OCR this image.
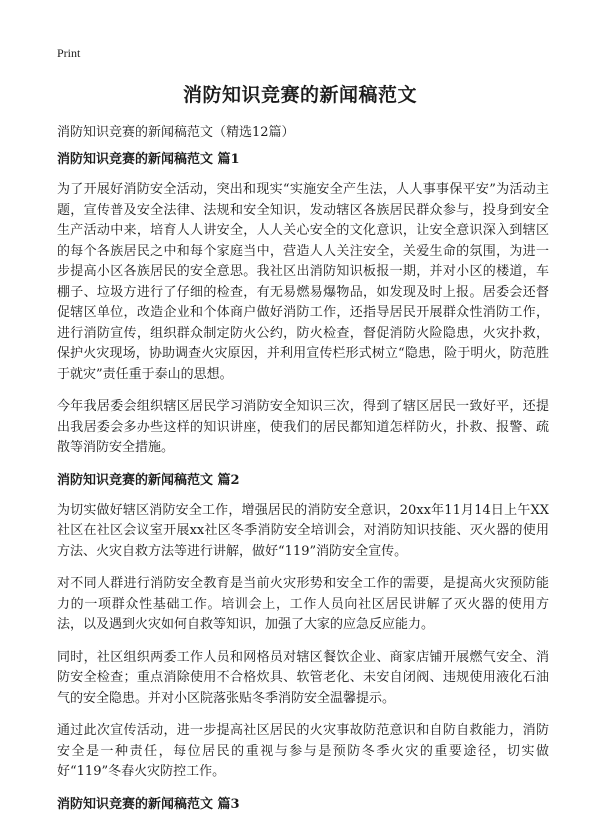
Print
消防知识竞赛的新闻稿范文
消防知识竞赛的新闻稿范文（精选12篇）
消防知识竞赛的新闻稿范文 篇1

为了开展好消防安全活动，突出和现实“实施安全产生法，人人事事保平安”为活动主题，宣传普及安全法律、法规和安全知识，发动辖区各族居民群众参与，投身到安全生产活动中来，培育人人讲安全，人人关心安全的文化意识，让安全意识深入到辖区的每个各族居民之中和每个家庭当中，营造人人关注安全，关爱生命的氛围，为进一步提高小区各族居民的安全意思。我社区出消防知识板报一期，并对小区的楼道，车棚子、垃圾方进行了仔细的检查，有无易燃易爆物品，如发现及时上报。居委会还督促辖区单位，改造企业和个体商户做好消防工作，还指导居民开展群众性消防工作，进行消防宣传，组织群众制定防火公约，防火检查，督促消防火险隐患，火灾扑救，保护火灾现场，协助调查火灾原因，并利用宣传栏形式树立“隐患，险于明火，防范胜于就灾”责任重于泰山的思想。

今年我居委会组织辖区居民学习消防安全知识三次，得到了辖区居民一致好平，还提出我居委会多办些这样的知识讲座，使我们的居民都知道怎样防火，扑救、报警、疏散等消防安全措施。

消防知识竞赛的新闻稿范文 篇2

为切实做好辖区消防安全工作，增强居民的消防安全意识，20xx年11月14日上午XX社区在社区会议室开展xx社区冬季消防安全培训会，对消防知识技能、灭火器的使用方法、火灾自救方法等进行讲解，做好“119”消防安全宣传。

对不同人群进行消防安全教育是当前火灾形势和安全工作的需要，是提高火灾预防能力的一项群众性基础工作。培训会上，工作人员向社区居民讲解了灭火器的使用方法，以及遇到火灾如何自救等知识，加强了大家的应急反应能力。

同时，社区组织两委工作人员和网格员对辖区餐饮企业、商家店铺开展燃气安全、消防安全检查；重点消除使用不合格炊具、软管老化、未安自闭阀、违规使用液化石油气的安全隐患。并对小区院落张贴冬季消防安全温馨提示。

通过此次宣传活动，进一步提高社区居民的火灾事故防范意识和自防自救能力，消防安全是一种责任，每位居民的重视与参与是预防冬季火灾的重要途径，切实做好“119”冬春火灾防控工作。

消防知识竞赛的新闻稿范文 篇3
